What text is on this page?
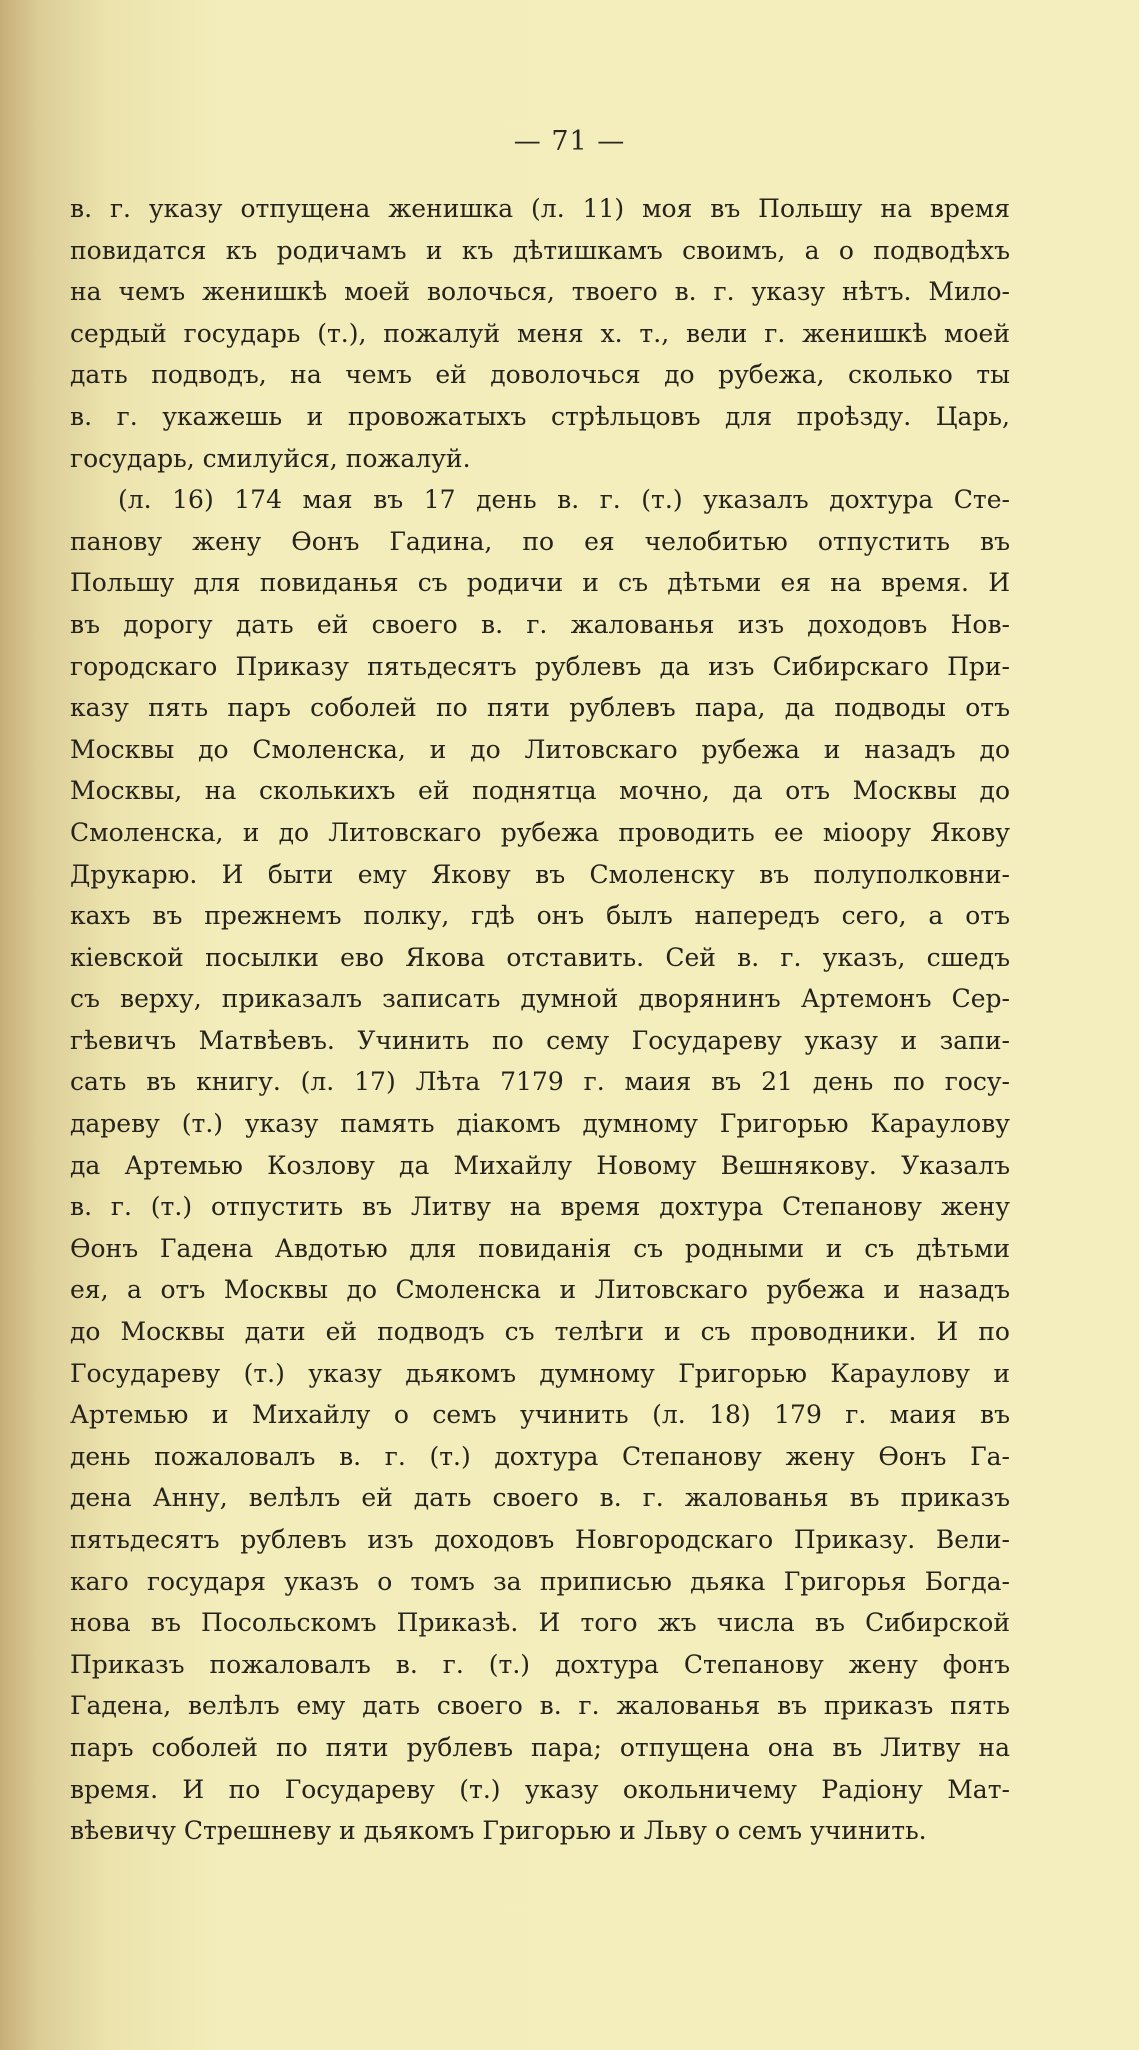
— 71 —
в. г. указу отпущена женишка (л. 11) моя въ Польшу на время
повидатся къ родичамъ и къ дѣтишкамъ своимъ, а о подводѣхъ
на чемъ женишкѣ моей волочься, твоего в. г. указу нѣтъ. Мило-
сердый государь (т.), пожалуй меня х. т., вели г. женишкѣ моей
дать подводъ, на чемъ ей доволочься до рубежа, сколько ты
в. г. укажешь и провожатыхъ стрѣльцовъ для проѣзду. Царь,
государь, смилуйся, пожалуй.
(л. 16) 174 мая въ 17 день в. г. (т.) указалъ дохтура Сте-
панову жену Ѳонъ Гадина, по ея челобитью отпустить въ
Польшу для повиданья съ родичи и съ дѣтьми ея на время. И
въ дорогу дать ей своего в. г. жалованья изъ доходовъ Нов-
городскаго Приказу пятьдесятъ рублевъ да изъ Сибирскаго При-
казу пять паръ соболей по пяти рублевъ пара, да подводы отъ
Москвы до Смоленска, и до Литовскаго рубежа и назадъ до
Москвы, на сколькихъ ей поднятца мочно, да отъ Москвы до
Смоленска, и до Литовскаго рубежа проводить ее міоору Якову
Друкарю. И быти ему Якову въ Смоленску въ полуполковни-
кахъ въ прежнемъ полку, гдѣ онъ былъ напередъ сего, а отъ
кіевской посылки ево Якова отставить. Сей в. г. указъ, сшедъ
съ верху, приказалъ записать думной дворянинъ Артемонъ Сер-
гѣевичъ Матвѣевъ. Учинить по сему Государеву указу и запи-
сать въ книгу. (л. 17) Лѣта 7179 г. маия въ 21 день по госу-
дареву (т.) указу память діакомъ думному Григорью Караулову
да Артемью Козлову да Михайлу Новому Вешнякову. Указалъ
в. г. (т.) отпустить въ Литву на время дохтура Степанову жену
Ѳонъ Гадена Авдотью для повиданія съ родными и съ дѣтьми
ея, а отъ Москвы до Смоленска и Литовскаго рубежа и назадъ
до Москвы дати ей подводъ съ телѣги и съ проводники. И по
Государеву (т.) указу дьякомъ думному Григорью Караулову и
Артемью и Михайлу о семъ учинить (л. 18) 179 г. маия въ
день пожаловалъ в. г. (т.) дохтура Степанову жену Ѳонъ Га-
дена Анну, велѣлъ ей дать своего в. г. жалованья въ приказъ
пятьдесятъ рублевъ изъ доходовъ Новгородскаго Приказу. Вели-
каго государя указъ о томъ за приписью дьяка Григорья Богда-
нова въ Посольскомъ Приказѣ. И того жъ числа въ Сибирской
Приказъ пожаловалъ в. г. (т.) дохтура Степанову жену фонъ
Гадена, велѣлъ ему дать своего в. г. жалованья въ приказъ пять
паръ соболей по пяти рублевъ пара; отпущена она въ Литву на
время. И по Государеву (т.) указу окольничему Радіону Мат-
вѣевичу Стрешневу и дьякомъ Григорью и Льву о семъ учинить.
